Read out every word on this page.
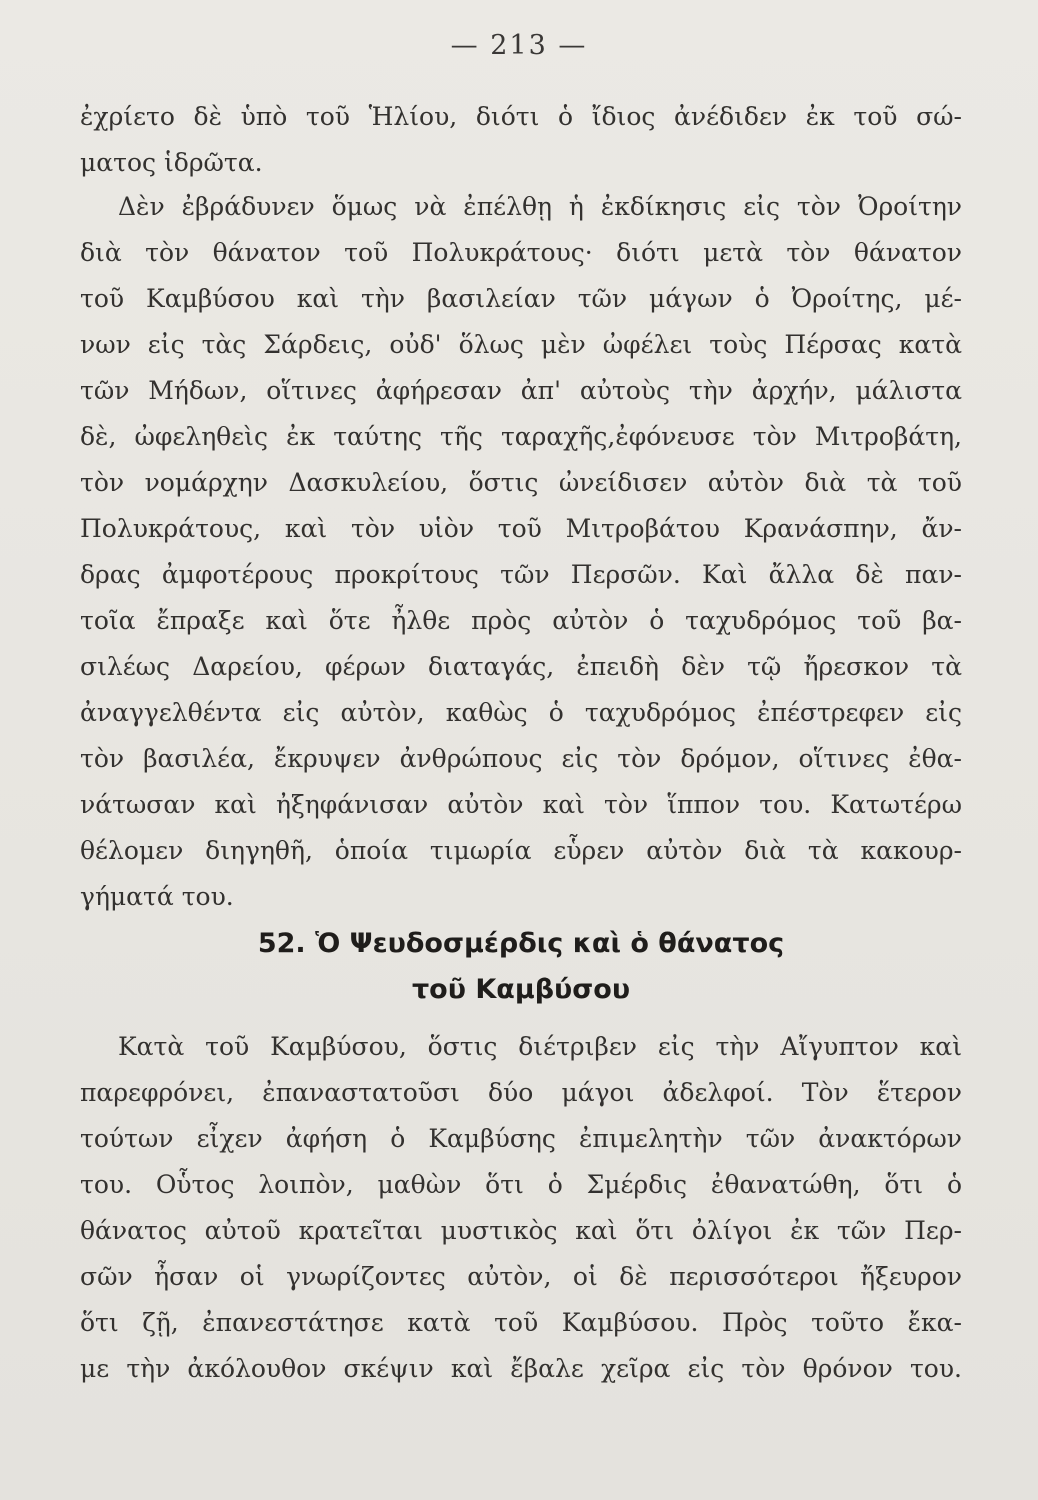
— 213 —
ἐχρίετο δὲ ὑπὸ τοῦ Ἡλίου, διότι ὁ ἴδιος ἀνέδιδεν ἐκ τοῦ σώ-
ματος ἱδρῶτα.
Δὲν ἐβράδυνεν ὅμως νὰ ἐπέλθῃ ἡ ἐκδίκησις εἰς τὸν Ὀροίτην
διὰ τὸν θάνατον τοῦ Πολυκράτους· διότι μετὰ τὸν θάνατον
τοῦ Καμβύσου καὶ τὴν βασιλείαν τῶν μάγων ὁ Ὀροίτης, μέ-
νων εἰς τὰς Σάρδεις, οὐδ' ὅλως μὲν ὠφέλει τοὺς Πέρσας κατὰ
τῶν Μήδων, οἵτινες ἀφήρεσαν ἀπ' αὐτοὺς τὴν ἀρχήν, μάλιστα
δὲ, ὠφεληθεὶς ἐκ ταύτης τῆς ταραχῆς,ἐφόνευσε τὸν Μιτροβάτη,
τὸν νομάρχην Δασκυλείου, ὅστις ὠνείδισεν αὐτὸν διὰ τὰ τοῦ
Πολυκράτους, καὶ τὸν υἱὸν τοῦ Μιτροβάτου Κρανάσπην, ἄν-
δρας ἀμφοτέρους προκρίτους τῶν Περσῶν. Καὶ ἄλλα δὲ παν-
τοῖα ἔπραξε καὶ ὅτε ἦλθε πρὸς αὐτὸν ὁ ταχυδρόμος τοῦ βα-
σιλέως Δαρείου, φέρων διαταγάς, ἐπειδὴ δὲν τῷ ἤρεσκον τὰ
ἀναγγελθέντα εἰς αὐτὸν, καθὼς ὁ ταχυδρόμος ἐπέστρεφεν εἰς
τὸν βασιλέα, ἔκρυψεν ἀνθρώπους εἰς τὸν δρόμον, οἵτινες ἐθα-
νάτωσαν καὶ ἠξηφάνισαν αὐτὸν καὶ τὸν ἵππον του. Κατωτέρω
θέλομεν διηγηθῆ, ὁποία τιμωρία εὗρεν αὐτὸν διὰ τὰ κακουρ-
γήματά του.
52. Ὁ Ψευδοσμέρδις καὶ ὁ θάνατος
τοῦ Καμβύσου
Κατὰ τοῦ Καμβύσου, ὅστις διέτριβεν εἰς τὴν Αἴγυπτον καὶ
παρεφρόνει, ἐπαναστατοῦσι δύο μάγοι ἀδελφοί. Τὸν ἕτερον
τούτων εἶχεν ἀφήση ὁ Καμβύσης ἐπιμελητὴν τῶν ἀνακτόρων
του. Οὗτος λοιπὸν, μαθὼν ὅτι ὁ Σμέρδις ἐθανατώθη, ὅτι ὁ
θάνατος αὐτοῦ κρατεῖται μυστικὸς καὶ ὅτι ὀλίγοι ἐκ τῶν Περ-
σῶν ἦσαν οἱ γνωρίζοντες αὐτὸν, οἱ δὲ περισσότεροι ἤξευρον
ὅτι ζῇ, ἐπανεστάτησε κατὰ τοῦ Καμβύσου. Πρὸς τοῦτο ἔκα-
με τὴν ἀκόλουθον σκέψιν καὶ ἔβαλε χεῖρα εἰς τὸν θρόνον του.
